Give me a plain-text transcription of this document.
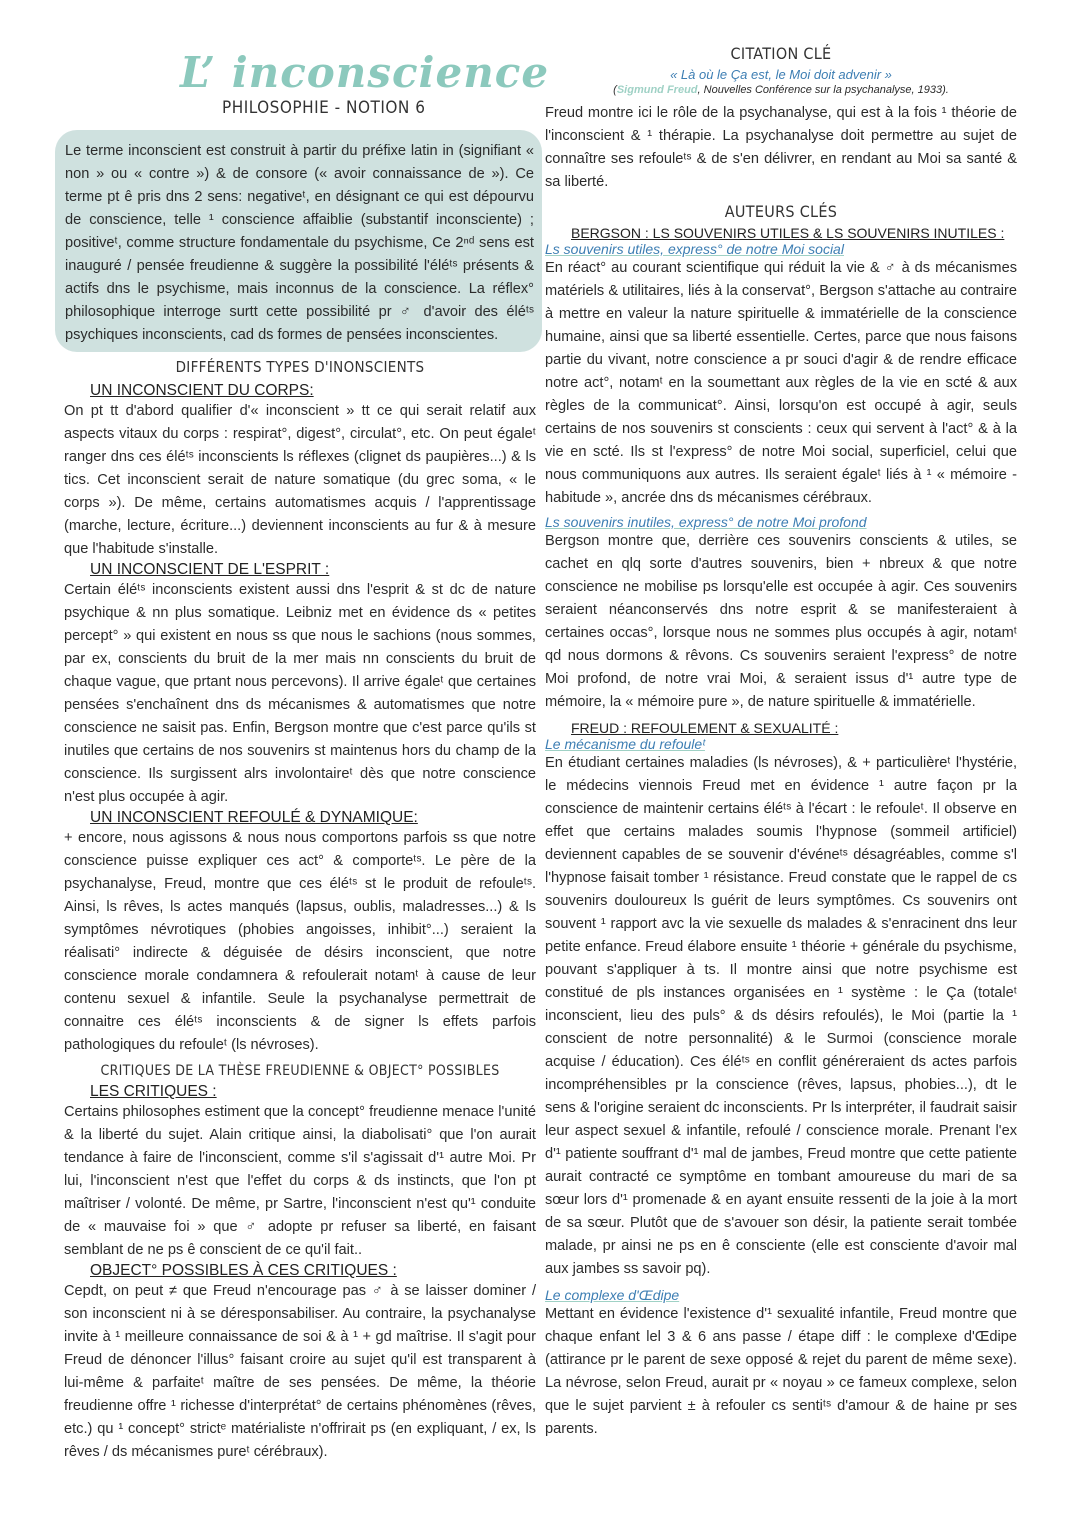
L’ inconscience
PHILOSOPHIE - NOTION 6

Le terme inconscient est construit à partir du préfixe latin in (signifiant « non » ou « contre ») & de consore (« avoir connaissance de »). Ce terme pt ê pris dns 2 sens: negativeᵗ, en désignant ce qui est dépourvu de conscience, telle ¹ conscience affaiblie (substantif inconsciente) ; positiveᵗ, comme structure fondamentale du psychisme, Ce 2ⁿᵈ sens est inauguré / pensée freudienne & suggère la possibilité l'éléᵗˢ présents & actifs dns le psychisme, mais inconnus de la conscience. La réflex° philosophique interroge surtt cette possibilité pr ♂ d'avoir des éléᵗˢ psychiques inconscients, cad ds formes de pensées inconscientes.

DIFFÉRENTS TYPES D'INONSCIENTS
UN INCONSCIENT DU CORPS:

On pt tt d'abord qualifier d'« inconscient » tt ce qui serait relatif aux aspects vitaux du corps : respirat°, digest°, circulat°, etc. On peut égaleᵗ ranger dns ces éléᵗˢ inconscients ls réflexes (clignet ds paupières...) & ls tics. Cet inconscient serait de nature somatique (du grec soma, « le corps »). De même, certains automatismes acquis / l'apprentissage (marche, lecture, écriture...) deviennent inconscients au fur & à mesure que l'habitude s'installe.

UN INCONSCIENT DE L'ESPRIT :

Certain éléᵗˢ inconscients existent aussi dns l'esprit & st dc de nature psychique & nn plus somatique. Leibniz met en évidence ds « petites percept° » qui existent en nous ss que nous le sachions (nous sommes, par ex, conscients du bruit de la mer mais nn conscients du bruit de chaque vague, que prtant nous percevons). Il arrive égaleᵗ que certaines pensées s'enchaînent dns ds mécanismes & automatismes que notre conscience ne saisit pas. Enfin, Bergson montre que c'est parce qu'ils st inutiles que certains de nos souvenirs st maintenus hors du champ de la conscience. Ils surgissent alrs involontaireᵗ dès que notre conscience n'est plus occupée à agir.

UN INCONSCIENT REFOULÉ & DYNAMIQUE:

+ encore, nous agissons & nous nous comportons parfois ss que notre conscience puisse expliquer ces act° & comporteᵗˢ. Le père de la psychanalyse, Freud, montre que ces éléᵗˢ st le produit de refouleᵗˢ. Ainsi, ls rêves, ls actes manqués (lapsus, oublis, maladresses...) & ls symptômes névrotiques (phobies angoisses, inhibit°...) seraient la réalisati° indirecte & déguisée de désirs inconscient, que notre conscience morale condamnera & refoulerait notamᵗ à cause de leur contenu sexuel & infantile. Seule la psychanalyse permettrait de connaitre ces éléᵗˢ inconscients & de signer ls effets parfois pathologiques du refouleᵗ (ls névroses).

CRITIQUES DE LA THÈSE FREUDIENNE & OBJECT° POSSIBLES
LES CRITIQUES :

Certains philosophes estiment que la concept° freudienne menace l'unité & la liberté du sujet. Alain critique ainsi, la diabolisati° que l'on aurait tendance à faire de l'inconscient, comme s'il s'agissait d'¹ autre Moi. Pr lui, l'inconscient n'est que l'effet du corps & ds instincts, que l'on pt maîtriser / volonté. De même, pr Sartre, l'inconscient n'est qu'¹ conduite de « mauvaise foi » que ♂ adopte pr refuser sa liberté, en faisant semblant de ne ps ê conscient de ce qu'il fait..

OBJECT° POSSIBLES À CES CRITIQUES :

Cepdt, on peut ≠ que Freud n'encourage pas ♂ à se laisser dominer / son inconscient ni à se déresponsabiliser. Au contraire, la psychanalyse invite à ¹ meilleure connaissance de soi & à ¹ + gd maîtrise. Il s'agit pour Freud de dénoncer l'illus° faisant croire au sujet qu'il est transparent à lui-même & parfaiteᵗ maître de ses pensées. De même, la théorie freudienne offre ¹ richesse d'interprétat° de certains phénomènes (rêves, etc.) qu ¹ concept° strictᵉ matérialiste n'offrirait ps (en expliquant, / ex, ls rêves / ds mécanismes pureᵗ cérébraux).

CITATION CLÉ
« Là où le Ça est, le Moi doit advenir »
(Sigmund Freud, Nouvelles Conférence sur la psychanalyse, 1933).

Freud montre ici le rôle de la psychanalyse, qui est à la fois ¹ théorie de l'inconscient & ¹ thérapie. La psychanalyse doit permettre au sujet de connaître ses refouleᵗˢ & de s'en délivrer, en rendant au Moi sa santé & sa liberté.

AUTEURS CLÉS
BERGSON : LS SOUVENIRS UTILES & LS SOUVENIRS INUTILES :
Ls souvenirs utiles, express° de notre Moi social

En réact° au courant scientifique qui réduit la vie & ♂ à ds mécanismes matériels & utilitaires, liés à la conservat°, Bergson s'attache au contraire à mettre en valeur la nature spirituelle & immatérielle de la conscience humaine, ainsi que sa liberté essentielle. Certes, parce que nous faisons partie du vivant, notre conscience a pr souci d'agir & de rendre efficace notre act°, notamᵗ en la soumettant aux règles de la vie en scté & aux règles de la communicat°. Ainsi, lorsqu'on est occupé à agir, seuls certains de nos souvenirs st conscients : ceux qui servent à l'act° & à la vie en scté. Ils st l'express° de notre Moi social, superficiel, celui que nous communiquons aux autres. Ils seraient égaleᵗ liés à ¹ « mémoire - habitude », ancrée dns ds mécanismes cérébraux.

Ls souvenirs inutiles, express° de notre Moi profond

Bergson montre que, derrière ces souvenirs conscients & utiles, se cachet en qlq sorte d'autres souvenirs, bien + nbreux & que notre conscience ne mobilise ps lorsqu'elle est occupée à agir. Ces souvenirs seraient néanconservés dns notre esprit & se manifesteraient à certaines occas°, lorsque nous ne sommes plus occupés à agir, notamᵗ qd nous dormons & rêvons. Cs souvenirs seraient l'express° de notre Moi profond, de notre vrai Moi, & seraient issus d'¹ autre type de mémoire, la « mémoire pure », de nature spirituelle & immatérielle.

FREUD : REFOULEMENT & SEXUALITÉ :
Le mécanisme du refouleᵗ

En étudiant certaines maladies (ls névroses), & + particulièreᵗ l'hystérie, le médecins viennois Freud met en évidence ¹ autre façon pr la conscience de maintenir certains éléᵗˢ à l'écart : le refouleᵗ. Il observe en effet que certains malades soumis l'hypnose (sommeil artificiel) deviennent capables de se souvenir d'événeᵗˢ désagréables, comme s'l l'hypnose faisait tomber ¹ résistance. Freud constate que le rappel de cs souvenirs douloureux ls guérit de leurs symptômes. Cs souvenirs ont souvent ¹ rapport avc la vie sexuelle ds malades & s'enracinent dns leur petite enfance. Freud élabore ensuite ¹ théorie + générale du psychisme, pouvant s'appliquer à ts. Il montre ainsi que notre psychisme est constitué de pls instances organisées en ¹ système : le Ça (totaleᵗ inconscient, lieu des puls° & ds désirs refoulés), le Moi (partie la ¹ conscient de notre personnalité) & le Surmoi (conscience morale acquise / éducation). Ces éléᵗˢ en conflit généreraient ds actes parfois incompréhensibles pr la conscience (rêves, lapsus, phobies...), dt le sens & l'origine seraient dc inconscients. Pr ls interpréter, il faudrait saisir leur aspect sexuel & infantile, refoulé / conscience morale. Prenant l'ex d'¹ patiente souffrant d'¹ mal de jambes, Freud montre que cette patiente aurait contracté ce symptôme en tombant amoureuse du mari de sa sœur lors d'¹ promenade & en ayant ensuite ressenti de la joie à la mort de sa sœur. Plutôt que de s'avouer son désir, la patiente serait tombée malade, pr ainsi ne ps en ê consciente (elle est consciente d'avoir mal aux jambes ss savoir pq).

Le complexe d'Œdipe

Mettant en évidence l'existence d'¹ sexualité infantile, Freud montre que chaque enfant lel 3 & 6 ans passe / étape diff : le complexe d'Œdipe (attirance pr le parent de sexe opposé & rejet du parent de même sexe). La névrose, selon Freud, aurait pr « noyau » ce fameux complexe, selon que le sujet parvient ± à refouler cs sentiᵗˢ d'amour & de haine pr ses parents.
